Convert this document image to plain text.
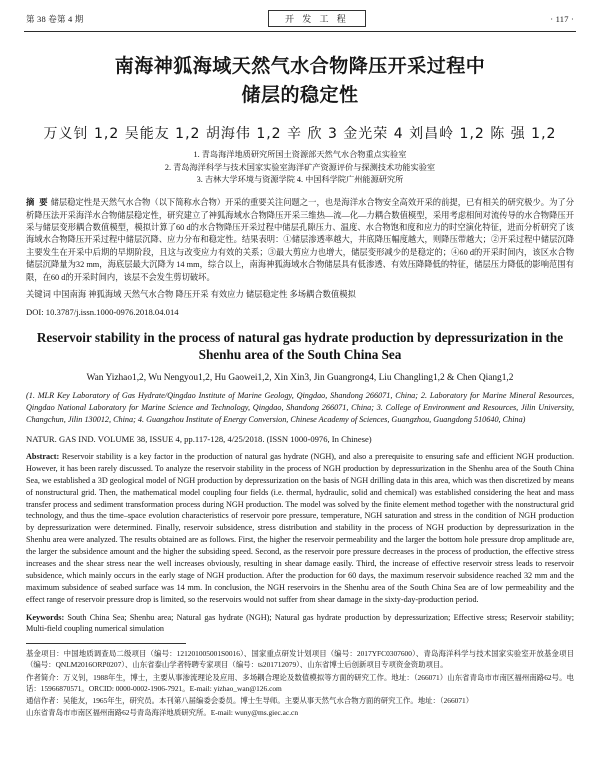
第 38 卷第 4 期	开 发 工 程	· 117 ·
南海神狐海域天然气水合物降压开采过程中
储层的稳定性
万义钊 1,2 吴能友 1,2 胡海伟 1,2 辛 欣 3 金光荣 4 刘昌岭 1,2 陈 强 1,2
1. 青岛海洋地质研究所国土资源部天然气水合物重点实验室
2. 青岛海洋科学与技术国家实验室海洋矿产资源评价与探测技术功能实验室
3. 吉林大学环境与资源学院 4. 中国科学院广州能源研究所
摘 要 储层稳定性是天然气水合物（以下简称水合物）开采的重要关注问题之一，也是海洋水合物安全高效开采的前提，已有相关的研究极少。为了分析降压法开采海洋水合物储层稳定性，研究建立了神狐海域水合物降压开采三维热—流—化—力耦合数值模型，采用考虑相间对流传导的水合物降压开采与储层变形耦合数值模型，模拟计算了60 d的水合物降压开采过程中储层孔隙压力、温度、水合物饱和度和应力的时空演化特征，进而分析研究了该海域水合物降压开采过程中储层沉降、应力分布和稳定性。结果表明：①储层渗透率越大，井底降压幅度越大，则降压带越大；②开采过程中储层沉降主要发生在开采中后期的早期阶段，且这与改变应力有效的关系；③最大剪应力也增大，储层变形减少的是稳定的；④60 d的开采时间内，该区水合物储层沉降量为32 mm，海底层最大沉降为 14 mm，综合以上，南海神狐海域水合物储层具有低渗透、有效压降降低的特征，储层压力降低的影响范围有限，在60 d的开采时间内，该层不会发生剪切破坏。
关键词 中国南海 神狐海域 天然气水合物 降压开采 有效应力 储层稳定性 多场耦合数值模拟
DOI: 10.3787/j.issn.1000-0976.2018.04.014
Reservoir stability in the process of natural gas hydrate production by depressurization in the Shenhu area of the South China Sea
Wan Yizhao1,2, Wu Nengyou1,2, Hu Gaowei1,2, Xin Xin3, Jin Guangrong4, Liu Changling1,2 & Chen Qiang1,2
(1. MLR Key Laboratory of Gas Hydrate/Qingdao Institute of Marine Geology, Qingdao, Shandong 266071, China; 2. Laboratory for Marine Mineral Resources, Qingdao National Laboratory for Marine Science and Technology, Qingdao, Shandong 266071, China; 3. College of Environment and Resources, Jilin University, Changchun, Jilin 130012, China; 4. Guangzhou Institute of Energy Conversion, Chinese Academy of Sciences, Guangzhou, Guangdong 510640, China)
NATUR. GAS IND. VOLUME 38, ISSUE 4, pp.117-128, 4/25/2018. (ISSN 1000-0976, In Chinese)
Abstract: Reservoir stability is a key factor in the production of natural gas hydrate (NGH), and also a prerequisite to ensuring safe and efficient NGH production. However, it has been rarely discussed. To analyze the reservoir stability in the process of NGH production by depressurization in the Shenhu area of the South China Sea, we established a 3D geological model of NGH production by depressurization on the basis of NGH drilling data in this area, which was then discretized by means of nonstructural grid. Then, the mathematical model coupling four fields (i.e. thermal, hydraulic, solid and chemical) was established considering the heat and mass transfer process and sediment transformation process during NGH production. The model was solved by the finite element method together with the nonstructural grid technology, and thus the time–space evolution characteristics of reservoir pore pressure, temperature, NGH saturation and stress in the condition of NGH production by depressurization were determined. Finally, reservoir subsidence, stress distribution and stability in the process of NGH production by depressurization in the Shenhu area were analyzed. The results obtained are as follows. First, the higher the reservoir permeability and the larger the bottom hole pressure drop amplitude are, the larger the subsidence amount and the higher the subsiding speed. Second, as the reservoir pore pressure decreases in the process of production, the effective stress increases and the shear stress near the well increases obviously, resulting in shear damage easily. Third, the increase of effective reservoir stress leads to reservoir subsidence, which mainly occurs in the early stage of NGH production. After the production for 60 days, the maximum reservoir subsidence reached 32 mm and the maximum subsidence of seabed surface was 14 mm. In conclusion, the NGH reservoirs in the Shenhu area of the South China Sea are of low permeability and the effect range of reservoir pressure drop is limited, so the reservoirs would not suffer from shear damage in the sixty-day-production period.
Keywords: South China Sea; Shenhu area; Natural gas hydrate (NGH); Natural gas hydrate production by depressurization; Effective stress; Reservoir stability; Multi-field coupling numerical simulation

基金项目：中国地质调查局二级项目（编号：121201005001S0016）、国家重点研发计划项目（编号：2017YFC0307600）、青岛海洋科学与技术国家实验室开放基金项目（编号：QNLM2016ORP0207）、山东省泰山学者特聘专家项目（编号：ts201712079）、山东省博士后创新项目专项资金资助项目。

作者简介：万义钊，1988年生，博士，主要从事渗流理论及应用、多场耦合理论及数值模拟等方面的研究工作。地址：（266071）山东省青岛市市南区福州南路62号。电话：15966870571。ORCID: 0000-0002-1906-7921。E-mail: yizhao_wan@126.com

通信作者：吴能友，1965年生，研究员。本刊第八届编委会委员。博士生导师。主要从事天然气水合物方面的研究工作。地址：（266071）

山东省青岛市市南区福州南路62号青岛海洋地质研究所。E-mail: wuny@ms.giec.ac.cn
